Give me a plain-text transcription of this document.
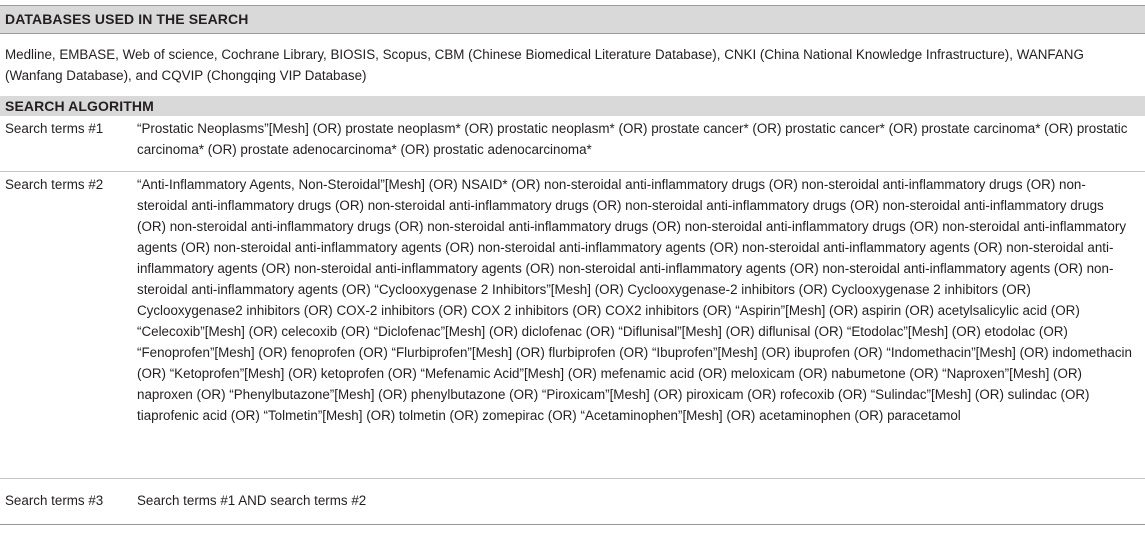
DATABASES USED IN THE SEARCH
Medline, EMBASE, Web of science, Cochrane Library, BIOSIS, Scopus, CBM (Chinese Biomedical Literature Database), CNKI (China National Knowledge Infrastructure), WANFANG (Wanfang Database), and CQVIP (Chongqing VIP Database)
SEARCH ALGORITHM
Search terms #1	“Prostatic Neoplasms”[Mesh] (OR) prostate neoplasm* (OR) prostatic neoplasm* (OR) prostate cancer* (OR) prostatic cancer* (OR) prostate carcinoma* (OR) prostatic carcinoma* (OR) prostate adenocarcinoma* (OR) prostatic adenocarcinoma*
Search terms #2	“Anti-Inflammatory Agents, Non-Steroidal”[Mesh] (OR) NSAID* (OR) non-steroidal anti-inflammatory drugs (OR) non-steroidal anti-inflammatory drugs (OR) non-steroidal anti-inflammatory drugs (OR) non-steroidal anti-inflammatory drugs (OR) non-steroidal anti-inflammatory drugs (OR) non-steroidal anti-inflammatory drugs (OR) non-steroidal anti-inflammatory drugs (OR) non-steroidal anti-inflammatory drugs (OR) non-steroidal anti-inflammatory drugs (OR) non-steroidal anti-inflammatory agents (OR) non-steroidal anti-inflammatory agents (OR) non-steroidal anti-inflammatory agents (OR) non-steroidal anti-inflammatory agents (OR) non-steroidal anti-inflammatory agents (OR) non-steroidal anti-inflammatory agents (OR) non-steroidal anti-inflammatory agents (OR) non-steroidal anti-inflammatory agents (OR) non-steroidal anti-inflammatory agents (OR) “Cyclooxygenase 2 Inhibitors”[Mesh] (OR) Cyclooxygenase-2 inhibitors (OR) Cyclooxygenase 2 inhibitors (OR) Cyclooxygenase2 inhibitors (OR) COX-2 inhibitors (OR) COX 2 inhibitors (OR) COX2 inhibitors (OR) “Aspirin”[Mesh] (OR) aspirin (OR) acetylsalicylic acid (OR) “Celecoxib”[Mesh] (OR) celecoxib (OR) “Diclofenac”[Mesh] (OR) diclofenac (OR) “Diflunisal”[Mesh] (OR) diflunisal (OR) “Etodolac”[Mesh] (OR) etodolac (OR) “Fenoprofen”[Mesh] (OR) fenoprofen (OR) “Flurbiprofen”[Mesh] (OR) flurbiprofen (OR) “Ibuprofen”[Mesh] (OR) ibuprofen (OR) “Indomethacin”[Mesh] (OR) indomethacin (OR) “Ketoprofen”[Mesh] (OR) ketoprofen (OR) “Mefenamic Acid”[Mesh] (OR) mefenamic acid (OR) meloxicam (OR) nabumetone (OR) “Naproxen”[Mesh] (OR) naproxen (OR) “Phenylbutazone”[Mesh] (OR) phenylbutazone (OR) “Piroxicam”[Mesh] (OR) piroxicam (OR) rofecoxib (OR) “Sulindac”[Mesh] (OR) sulindac (OR) tiaprofenic acid (OR) “Tolmetin”[Mesh] (OR) tolmetin (OR) zomepirac (OR) “Acetaminophen”[Mesh] (OR) acetaminophen (OR) paracetamol
Search terms #3	Search terms #1 AND search terms #2
